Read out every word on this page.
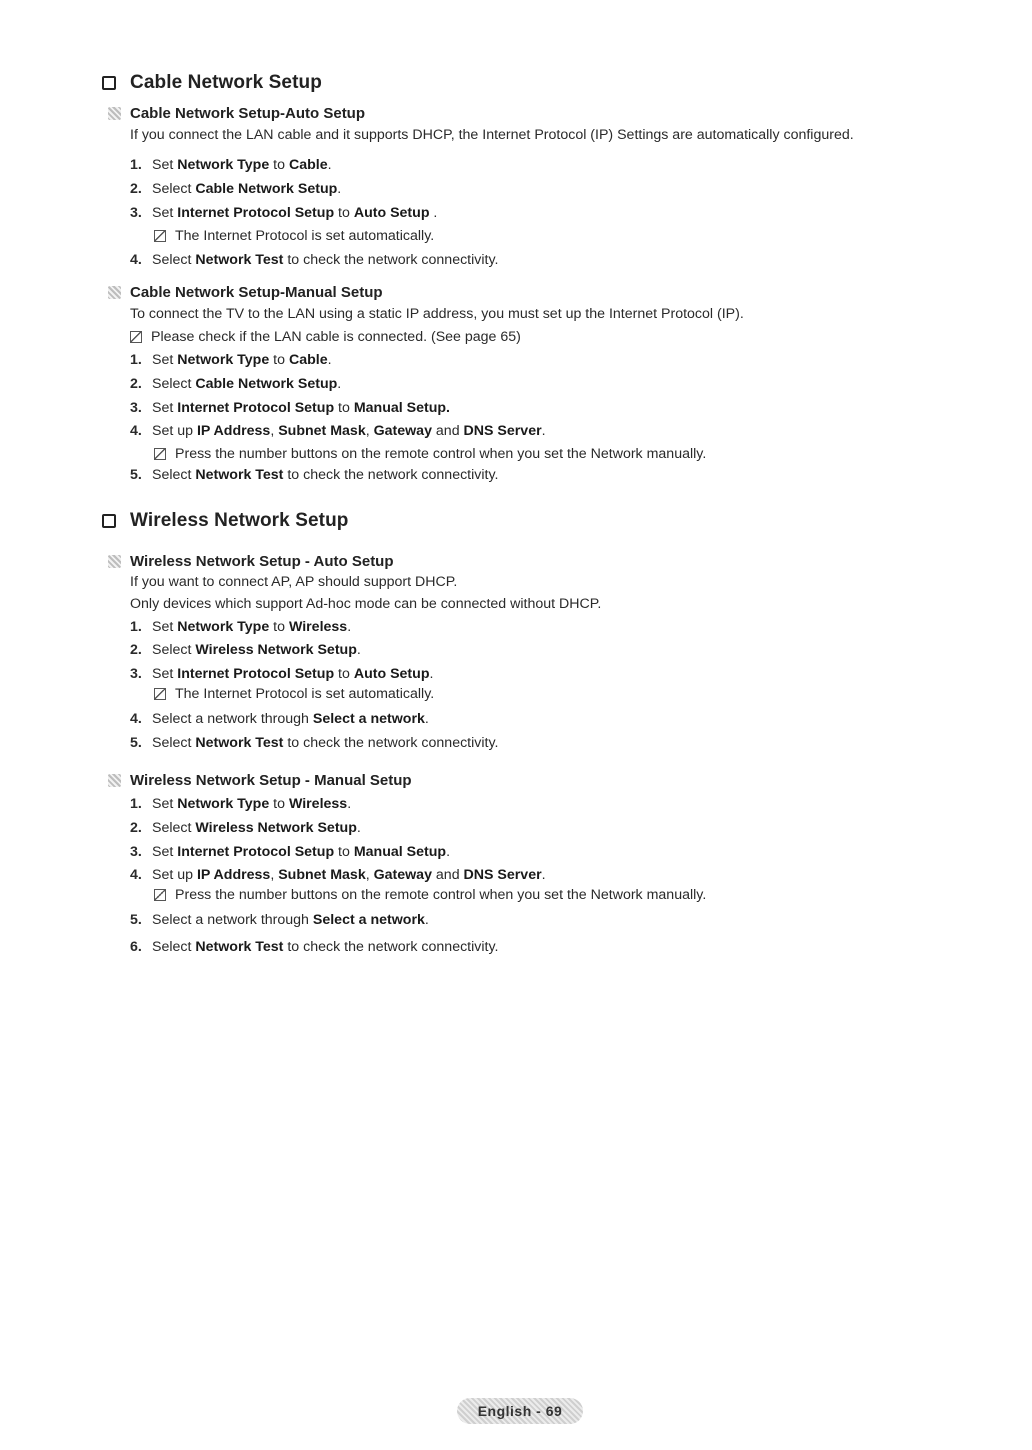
Cable Network Setup
Cable Network Setup-Auto Setup
If you connect the LAN cable and it supports DHCP, the Internet Protocol (IP) Settings are automatically configured.
1. Set Network Type to Cable.
2. Select Cable Network Setup.
3. Set Internet Protocol Setup to Auto Setup .
The Internet Protocol is set automatically.
4. Select Network Test to check the network connectivity.
Cable Network Setup-Manual Setup
To connect the TV to the LAN using a static IP address, you must set up the Internet Protocol (IP).
Please check if the LAN cable is connected. (See page 65)
1. Set Network Type to Cable.
2. Select Cable Network Setup.
3. Set Internet Protocol Setup to Manual Setup.
4. Set up IP Address, Subnet Mask, Gateway and DNS Server.
Press the number buttons on the remote control when you set the Network manually.
5. Select Network Test to check the network connectivity.
Wireless Network Setup
Wireless Network Setup - Auto Setup
If you want to connect AP, AP should support DHCP.
Only devices which support Ad-hoc mode can be connected without DHCP.
1. Set Network Type to Wireless.
2. Select Wireless Network Setup.
3. Set Internet Protocol Setup to Auto Setup.
The Internet Protocol is set automatically.
4. Select a network through Select a network.
5. Select Network Test to check the network connectivity.
Wireless Network Setup - Manual Setup
1. Set Network Type to Wireless.
2. Select Wireless Network Setup.
3. Set Internet Protocol Setup to Manual Setup.
4. Set up IP Address, Subnet Mask, Gateway and DNS Server.
Press the number buttons on the remote control when you set the Network manually.
5. Select a network through Select a network.
6. Select Network Test to check the network connectivity.
English - 69
